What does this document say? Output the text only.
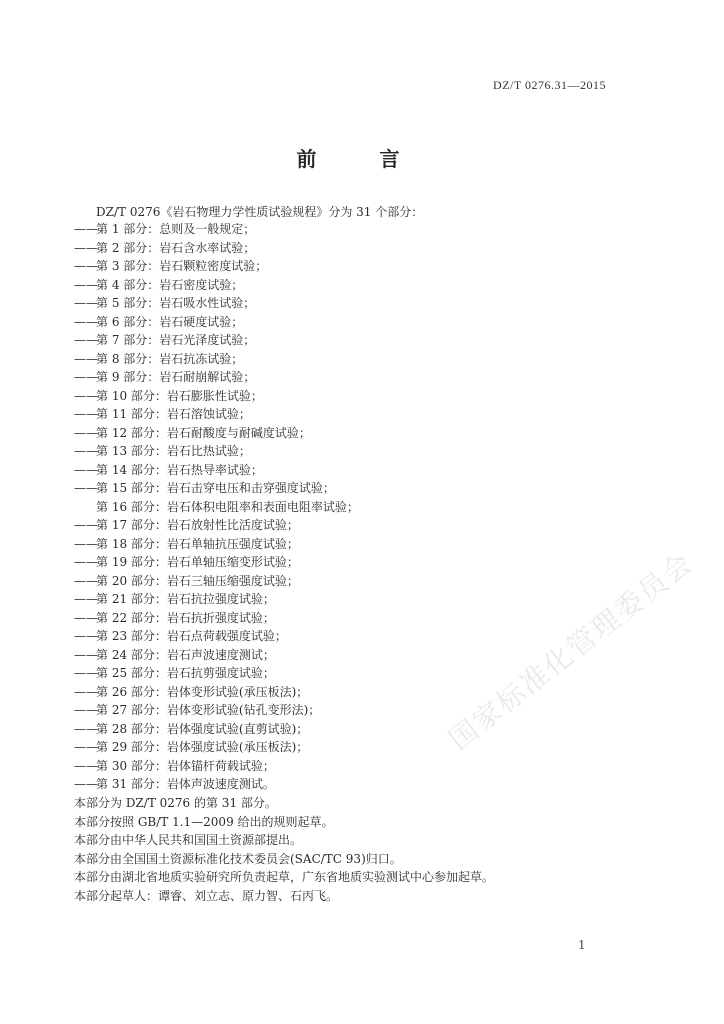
DZ/T 0276.31—2015
前 言
DZ/T 0276《岩石物理力学性质试验规程》分为 31 个部分：
——第 1 部分：总则及一般规定；
——第 2 部分：岩石含水率试验；
——第 3 部分：岩石颗粒密度试验；
——第 4 部分：岩石密度试验；
——第 5 部分：岩石吸水性试验；
——第 6 部分：岩石硬度试验；
——第 7 部分：岩石光泽度试验；
——第 8 部分：岩石抗冻试验；
——第 9 部分：岩石耐崩解试验；
——第 10 部分：岩石膨胀性试验；
——第 11 部分：岩石溶蚀试验；
——第 12 部分：岩石耐酸度与耐碱度试验；
——第 13 部分：岩石比热试验；
——第 14 部分：岩石热导率试验；
——第 15 部分：岩石击穿电压和击穿强度试验；
第 16 部分：岩石体积电阻率和表面电阻率试验；
——第 17 部分：岩石放射性比活度试验；
——第 18 部分：岩石单轴抗压强度试验；
——第 19 部分：岩石单轴压缩变形试验；
——第 20 部分：岩石三轴压缩强度试验；
——第 21 部分：岩石抗拉强度试验；
——第 22 部分：岩石抗折强度试验；
——第 23 部分：岩石点荷载强度试验；
——第 24 部分：岩石声波速度测试；
——第 25 部分：岩石抗剪强度试验；
——第 26 部分：岩体变形试验(承压板法)；
——第 27 部分：岩体变形试验(钻孔变形法)；
——第 28 部分：岩体强度试验(直剪试验)；
——第 29 部分：岩体强度试验(承压板法)；
——第 30 部分：岩体锚杆荷载试验；
——第 31 部分：岩体声波速度测试。

本部分为 DZ/T 0276 的第 31 部分。

本部分按照 GB/T 1.1—2009 给出的规则起草。

本部分由中华人民共和国国土资源部提出。

本部分由全国国土资源标准化技术委员会(SAC/TC 93)归口。

本部分由湖北省地质实验研究所负责起草，广东省地质实验测试中心参加起草。

本部分起草人：谭睿、刘立志、原力智、石丙飞。

1
国家标准化管理委员会
